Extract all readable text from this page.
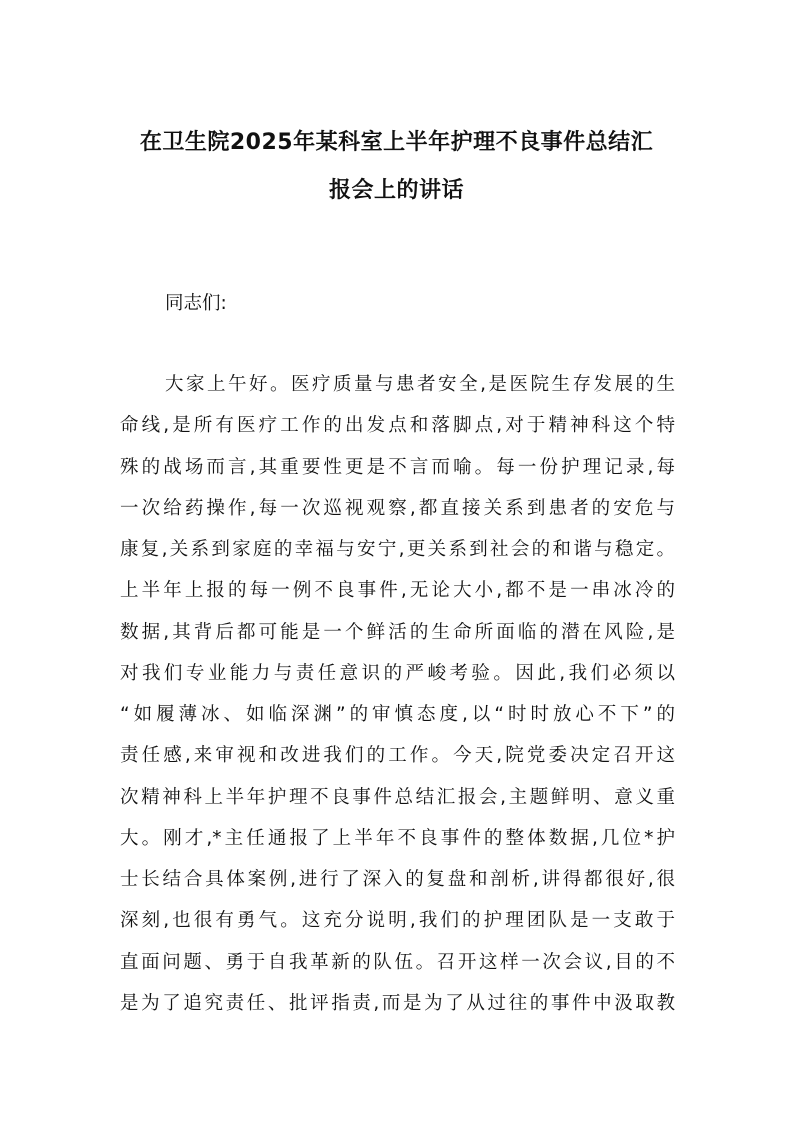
在卫生院2025年某科室上半年护理不良事件总结汇
报会上的讲话

同志们:

大家上午好。医疗质量与患者安全,是医院生存发展的生

命线,是所有医疗工作的出发点和落脚点,对于精神科这个特

殊的战场而言,其重要性更是不言而喻。每一份护理记录,每

一次给药操作,每一次巡视观察,都直接关系到患者的安危与

康复,关系到家庭的幸福与安宁,更关系到社会的和谐与稳定。

上半年上报的每一例不良事件,无论大小,都不是一串冰冷的

数据,其背后都可能是一个鲜活的生命所面临的潜在风险,是

对我们专业能力与责任意识的严峻考验。因此,我们必须以

“如履薄冰、如临深渊”的审慎态度,以“时时放心不下”的

责任感,来审视和改进我们的工作。今天,院党委决定召开这

次精神科上半年护理不良事件总结汇报会,主题鲜明、意义重

大。刚才,*主任通报了上半年不良事件的整体数据,几位*护

士长结合具体案例,进行了深入的复盘和剖析,讲得都很好,很

深刻,也很有勇气。这充分说明,我们的护理团队是一支敢于

直面问题、勇于自我革新的队伍。召开这样一次会议,目的不

是为了追究责任、批评指责,而是为了从过往的事件中汲取教
